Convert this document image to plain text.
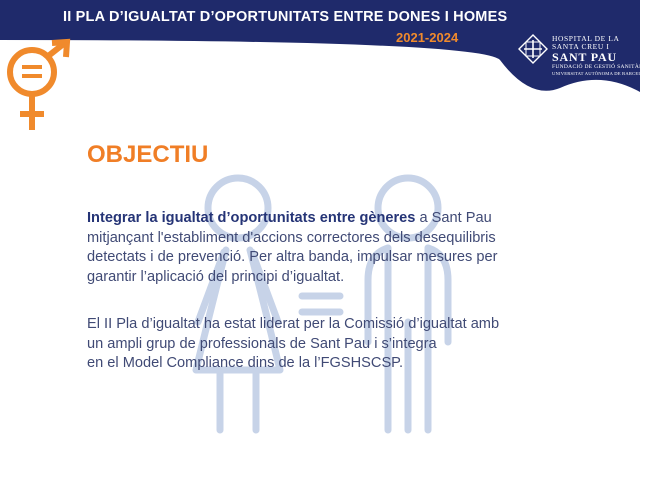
II PLA D’IGUALTAT D’OPORTUNITATS ENTRE DONES I HOMES
2021-2024	HOSPITAL DE LA
SANTA CREU I
SANT PAU
FUNDACIÓ DE GESTIÓ SANITÀRIA
UNIVERSITAT AUTÒNOMA DE BARCELONA
OBJECTIU
Integrar la igualtat d’oportunitats entre gèneres a Sant Pau
mitjançant l'establiment d'accions correctores dels desequilibris
detectats i de prevenció. Per altra banda, impulsar mesures per
garantir l’aplicació del principi d’igualtat.
El II Pla d’igualtat ha estat liderat per la Comissió d’igualtat amb
un ampli grup de professionals de Sant Pau i s’integra
en el Model Compliance dins de la l’FGSHSCSP.
